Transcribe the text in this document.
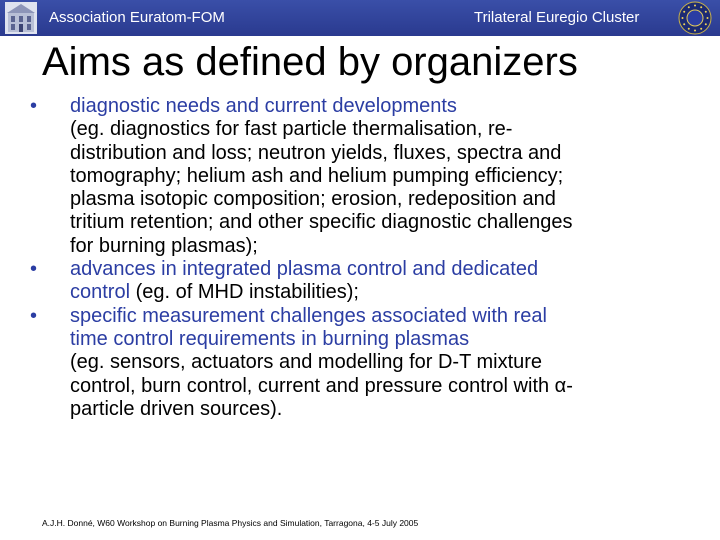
Association Euratom-FOM	Trilateral Euregio Cluster
Aims as defined by organizers
• diagnostic needs and current developments
(eg. diagnostics for fast particle thermalisation, re-
distribution and loss; neutron yields, fluxes, spectra and
tomography; helium ash and helium pumping efficiency;
plasma isotopic composition; erosion, redeposition and
tritium retention; and other specific diagnostic challenges
for burning plasmas);
• advances in integrated plasma control and dedicated
control (eg. of MHD instabilities);
• specific measurement challenges associated with real
time control requirements in burning plasmas
(eg. sensors, actuators and modelling for D-T mixture
control, burn control, current and pressure control with α-
particle driven sources).
A.J.H. Donné, W60 Workshop on Burning Plasma Physics and Simulation, Tarragona, 4-5 July 2005
